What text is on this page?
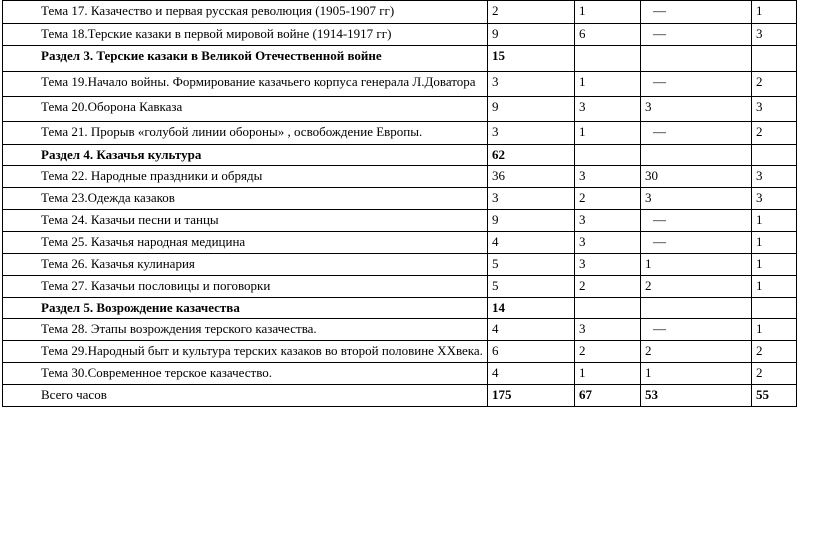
Тема 17. Казачество и первая русская революция (1905-1907 гг)	2	1	—	1
Тема 18.Терские казаки в первой мировой войне (1914-1917 гг)	9	6	—	3
Раздел 3. Терские казаки в Великой Отечественной войне	15			
Тема 19.Начало войны. Формирование казачьего корпуса генерала Л.Доватора	3	1	—	2
Тема 20.Оборона Кавказа	9	3	3	3
Тема 21. Прорыв «голубой линии обороны» , освобождение Европы.	3	1	—	2
Раздел 4. Казачья культура	62			
Тема 22. Народные праздники и обряды	36	3	30	3
Тема 23.Одежда казаков	3	2	3	3
Тема 24. Казачьи песни и танцы	9	3	—	1
Тема 25. Казачья народная медицина	4	3	—	1
Тема 26. Казачья кулинария	5	3	1	1
Тема 27. Казачьи пословицы и поговорки	5	2	2	1
Раздел 5. Возрождение казачества	14			
Тема 28. Этапы возрождения терского казачества.	4	3	—	1
Тема 29.Народный быт и культура терских казаков во второй половине ХХвека.	6	2	2	2
Тема 30.Современное терское казачество.	4	1	1	2
Всего часов	175	67	53	55
